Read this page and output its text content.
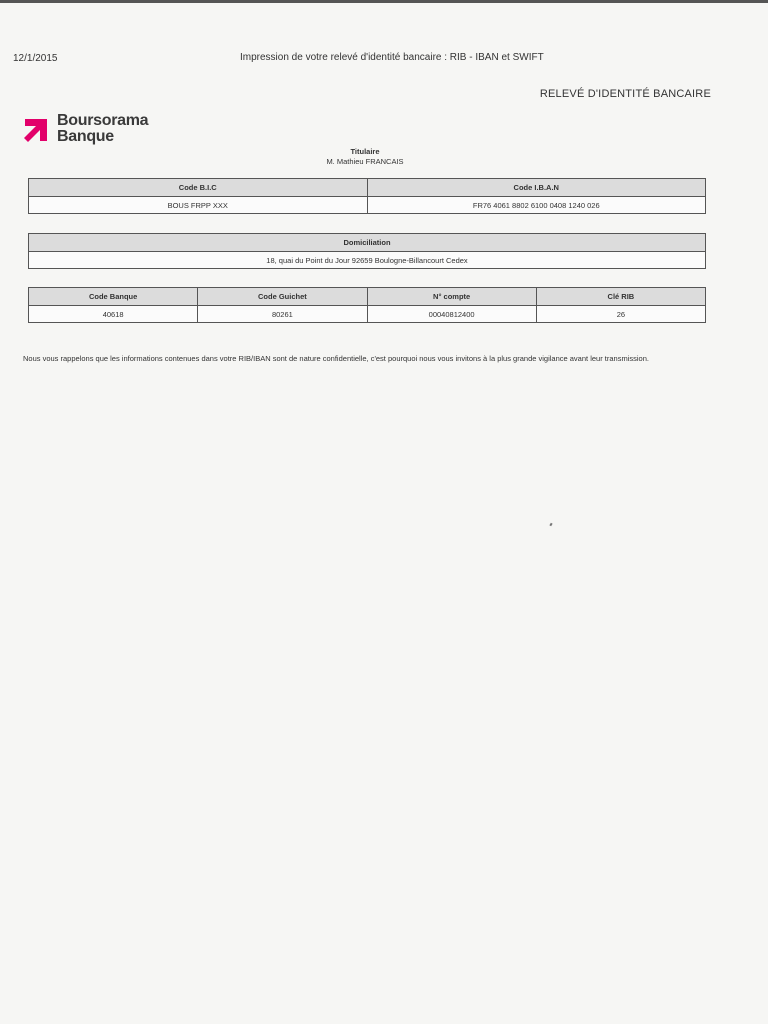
12/1/2015	Impression de votre relevé d'identité bancaire : RIB - IBAN et SWIFT
RELEVÉ D'IDENTITÉ BANCAIRE
Boursorama
Banque
Titulaire
M. Mathieu FRANCAIS
Code B.I.C	Code I.B.A.N
BOUS FRPP XXX	FR76 4061 8802 6100 0408 1240 026
Domiciliation
18, quai du Point du Jour 92659 Boulogne-Billancourt Cedex
Code Banque	Code Guichet	N° compte	Clé RIB
40618	80261	00040812400	26
Nous vous rappelons que les informations contenues dans votre RIB/IBAN sont de nature confidentielle, c'est pourquoi nous vous invitons à la plus grande vigilance avant leur transmission.
